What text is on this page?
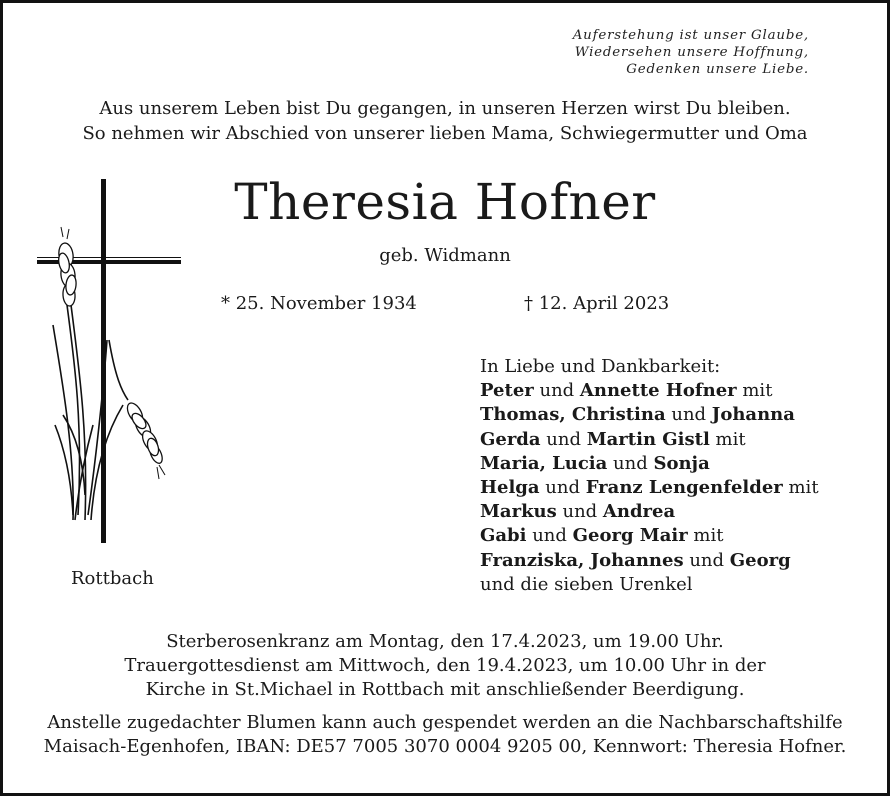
Auferstehung ist unser Glaube,
Wiedersehen unsere Hoffnung,
Gedenken unsere Liebe.
Aus unserem Leben bist Du gegangen, in unseren Herzen wirst Du bleiben.
So nehmen wir Abschied von unserer lieben Mama, Schwiegermutter und Oma
Theresia Hofner
geb. Widmann
* 25. November 1934	† 12. April 2023
Rottbach
In Liebe und Dankbarkeit:
Peter und Annette Hofner mit
Thomas, Christina und Johanna
Gerda und Martin Gistl mit
Maria, Lucia und Sonja
Helga und Franz Lengenfelder mit
Markus und Andrea
Gabi und Georg Mair mit
Franziska, Johannes und Georg
und die sieben Urenkel
Sterberosenkranz am Montag, den 17.4.2023, um 19.00 Uhr.
Trauergottesdienst am Mittwoch, den 19.4.2023, um 10.00 Uhr in der
Kirche in St.Michael in Rottbach mit anschließender Beerdigung.
Anstelle zugedachter Blumen kann auch gespendet werden an die Nachbarschaftshilfe
Maisach-Egenhofen, IBAN: DE57 7005 3070 0004 9205 00, Kennwort: Theresia Hofner.
